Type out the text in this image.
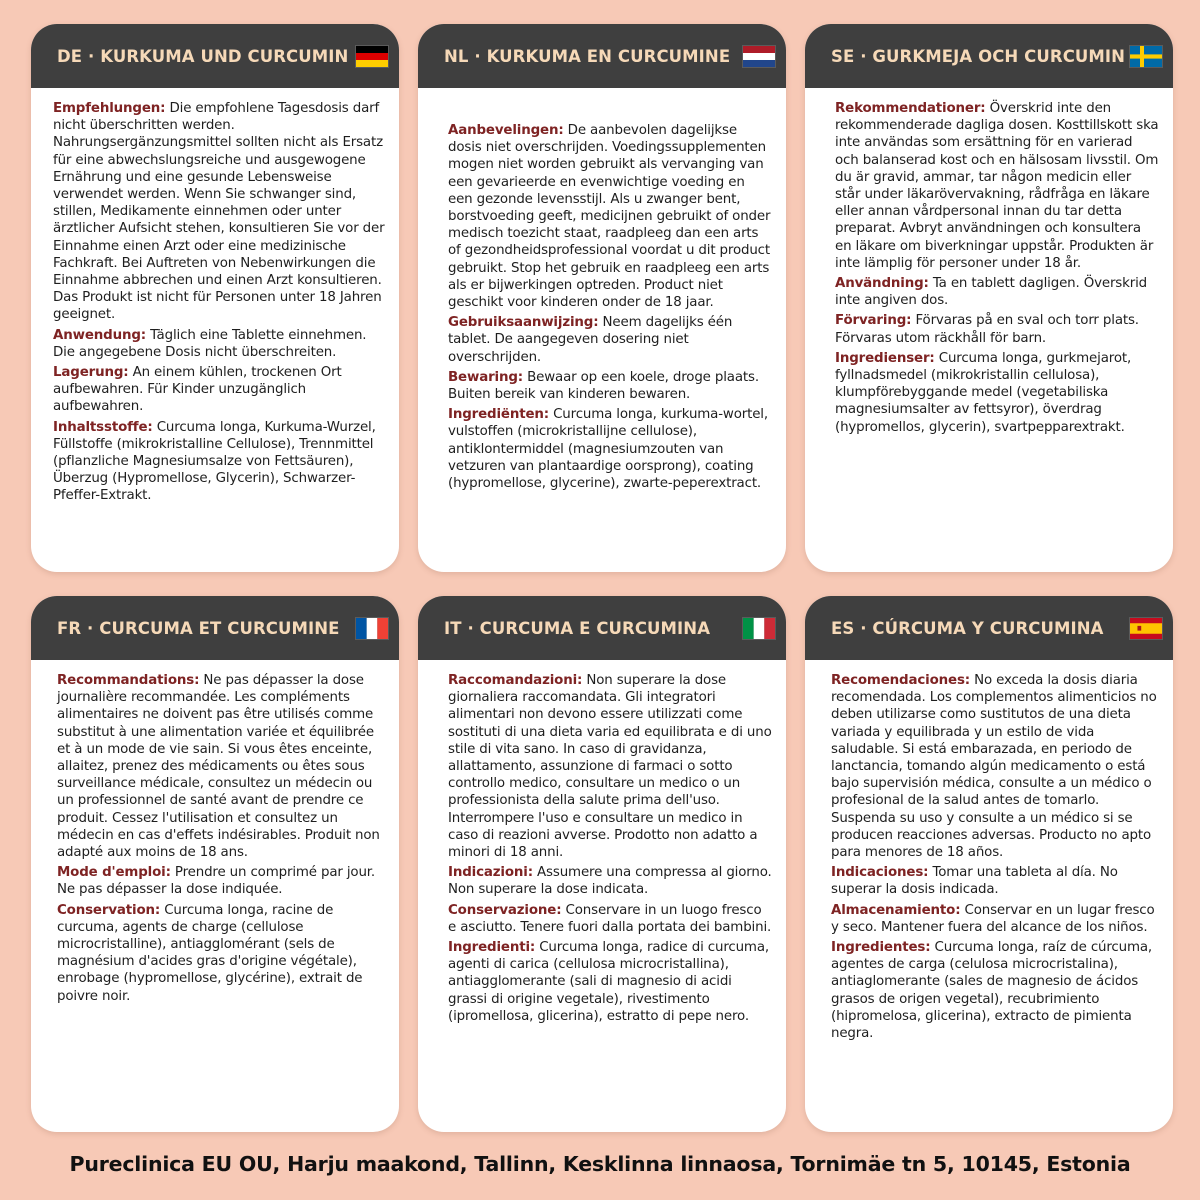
DE · KURKUMA UND CURCUMIN
Empfehlungen: Die empfohlene Tagesdosis darf nicht überschritten werden. Nahrungsergänzungsmittel sollten nicht als Ersatz für eine abwechslungsreiche und ausgewogene Ernährung und eine gesunde Lebensweise verwendet werden. Wenn Sie schwanger sind, stillen, Medikamente einnehmen oder unter ärztlicher Aufsicht stehen, konsultieren Sie vor der Einnahme einen Arzt oder eine medizinische Fachkraft. Bei Auftreten von Nebenwirkungen die Einnahme abbrechen und einen Arzt konsultieren. Das Produkt ist nicht für Personen unter 18 Jahren geeignet.
Anwendung: Täglich eine Tablette einnehmen. Die angegebene Dosis nicht überschreiten.
Lagerung: An einem kühlen, trockenen Ort aufbewahren. Für Kinder unzugänglich aufbewahren.
Inhaltsstoffe: Curcuma longa, Kurkuma-Wurzel, Füllstoffe (mikrokristalline Cellulose), Trennmittel (pflanzliche Magnesiumsalze von Fettsäuren), Überzug (Hypromellose, Glycerin), Schwarzer-Pfeffer-Extrakt.
NL · KURKUMA EN CURCUMINE
Aanbevelingen: De aanbevolen dagelijkse dosis niet overschrijden. Voedingssupplementen mogen niet worden gebruikt als vervanging van een gevarieerde en evenwichtige voeding en een gezonde levensstijl. Als u zwanger bent, borstvoeding geeft, medicijnen gebruikt of onder medisch toezicht staat, raadpleeg dan een arts of gezondheidsprofessional voordat u dit product gebruikt. Stop het gebruik en raadpleeg een arts als er bijwerkingen optreden. Product niet geschikt voor kinderen onder de 18 jaar.
Gebruiksaanwijzing: Neem dagelijks één tablet. De aangegeven dosering niet overschrijden.
Bewaring: Bewaar op een koele, droge plaats. Buiten bereik van kinderen bewaren.
Ingrediënten: Curcuma longa, kurkuma-wortel, vulstoffen (microkristallijne cellulose), antiklontermiddel (magnesiumzouten van vetzuren van plantaardige oorsprong), coating (hypromellose, glycerine), zwarte-peperextract.
SE · GURKMEJA OCH CURCUMIN
Rekommendationer: Överskrid inte den rekommenderade dagliga dosen. Kosttillskott ska inte användas som ersättning för en varierad och balanserad kost och en hälsosam livsstil. Om du är gravid, ammar, tar någon medicin eller står under läkarövervakning, rådfråga en läkare eller annan vårdpersonal innan du tar detta preparat. Avbryt användningen och konsultera en läkare om biverkningar uppstår. Produkten är inte lämplig för personer under 18 år.
Användning: Ta en tablett dagligen. Överskrid inte angiven dos.
Förvaring: Förvaras på en sval och torr plats. Förvaras utom räckhåll för barn.
Ingredienser: Curcuma longa, gurkmejarot, fyllnadsmedel (mikrokristallin cellulosa), klumpförebyggande medel (vegetabiliska magnesiumsalter av fettsyror), överdrag (hypromellos, glycerin), svartpepparextrakt.
FR · CURCUMA ET CURCUMINE
Recommandations: Ne pas dépasser la dose journalière recommandée. Les compléments alimentaires ne doivent pas être utilisés comme substitut à une alimentation variée et équilibrée et à un mode de vie sain. Si vous êtes enceinte, allaitez, prenez des médicaments ou êtes sous surveillance médicale, consultez un médecin ou un professionnel de santé avant de prendre ce produit. Cessez l'utilisation et consultez un médecin en cas d'effets indésirables. Produit non adapté aux moins de 18 ans.
Mode d'emploi: Prendre un comprimé par jour. Ne pas dépasser la dose indiquée.
Conservation: Curcuma longa, racine de curcuma, agents de charge (cellulose microcristalline), antiagglomérant (sels de magnésium d'acides gras d'origine végétale), enrobage (hypromellose, glycérine), extrait de poivre noir.
IT · CURCUMA E CURCUMINA
Raccomandazioni: Non superare la dose giornaliera raccomandata. Gli integratori alimentari non devono essere utilizzati come sostituti di una dieta varia ed equilibrata e di uno stile di vita sano. In caso di gravidanza, allattamento, assunzione di farmaci o sotto controllo medico, consultare un medico o un professionista della salute prima dell'uso. Interrompere l'uso e consultare un medico in caso di reazioni avverse. Prodotto non adatto a minori di 18 anni.
Indicazioni: Assumere una compressa al giorno. Non superare la dose indicata.
Conservazione: Conservare in un luogo fresco e asciutto. Tenere fuori dalla portata dei bambini.
Ingredienti: Curcuma longa, radice di curcuma, agenti di carica (cellulosa microcristallina), antiagglomerante (sali di magnesio di acidi grassi di origine vegetale), rivestimento (ipromellosa, glicerina), estratto di pepe nero.
ES · CÚRCUMA Y CURCUMINA
Recomendaciones: No exceda la dosis diaria recomendada. Los complementos alimenticios no deben utilizarse como sustitutos de una dieta variada y equilibrada y un estilo de vida saludable. Si está embarazada, en periodo de lanctancia, tomando algún medicamento o está bajo supervisión médica, consulte a un médico o profesional de la salud antes de tomarlo. Suspenda su uso y consulte a un médico si se producen reacciones adversas. Producto no apto para menores de 18 años.
Indicaciones: Tomar una tableta al día. No superar la dosis indicada.
Almacenamiento: Conservar en un lugar fresco y seco. Mantener fuera del alcance de los niños.
Ingredientes: Curcuma longa, raíz de cúrcuma, agentes de carga (celulosa microcristalina), antiaglomerante (sales de magnesio de ácidos grasos de origen vegetal), recubrimiento (hipromelosa, glicerina), extracto de pimienta negra.
Pureclinica EU OU, Harju maakond, Tallinn, Kesklinna linnaosa, Tornimäe tn 5, 10145, Estonia
